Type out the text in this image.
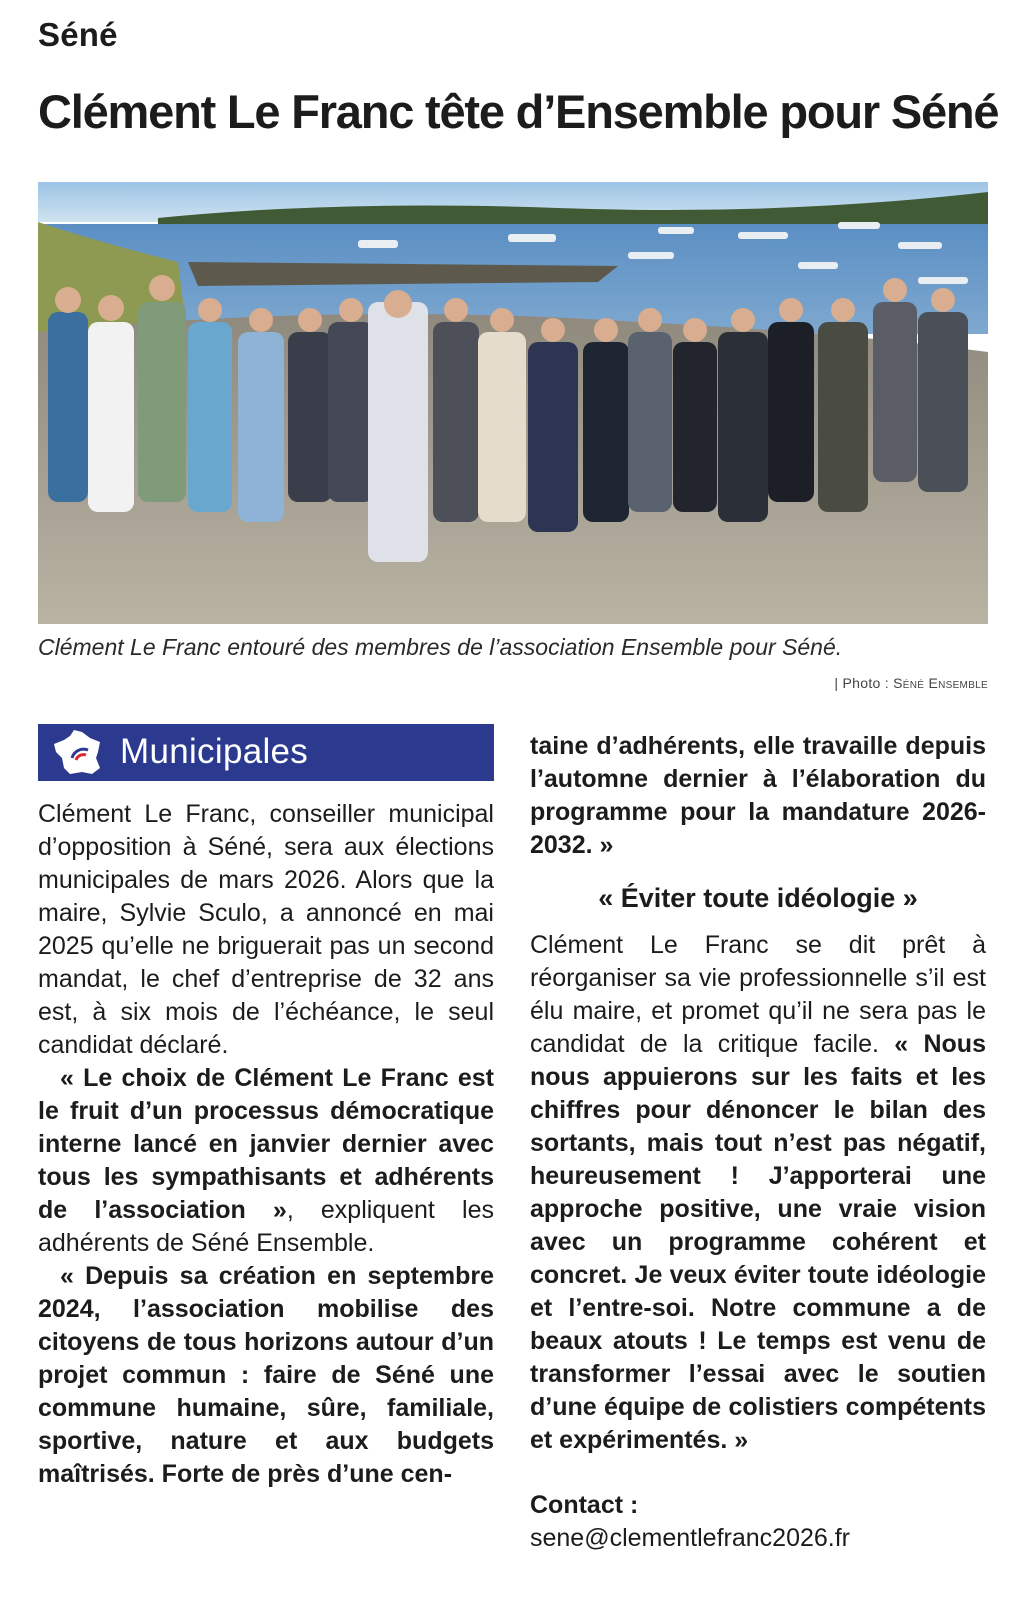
Séné
Clément Le Franc tête d’Ensemble pour Séné
Clément Le Franc entouré des membres de l’association Ensemble pour Séné.
| Photo : Séné Ensemble
Municipales

Clément Le Franc, conseiller municipal d’opposition à Séné, sera aux élections municipales de mars 2026. Alors que la maire, Sylvie Sculo, a annoncé en mai 2025 qu’elle ne briguerait pas un second mandat, le chef d’entreprise de 32 ans est, à six mois de l’échéance, le seul candidat déclaré.

« Le choix de Clément Le Franc est le fruit d’un processus démocratique interne lancé en janvier dernier avec tous les sympathisants et adhérents de l’association », expliquent les adhérents de Séné Ensemble.

« Depuis sa création en septembre 2024, l’association mobilise des citoyens de tous horizons autour d’un projet commun : faire de Séné une commune humaine, sûre, familiale, sportive, nature et aux budgets maîtrisés. Forte de près d’une cen-

taine d’adhérents, elle travaille depuis l’automne dernier à l’élaboration du programme pour la mandature 2026-2032. »

« Éviter toute idéologie »

Clément Le Franc se dit prêt à réorganiser sa vie professionnelle s’il est élu maire, et promet qu’il ne sera pas le candidat de la critique facile. « Nous nous appuierons sur les faits et les chiffres pour dénoncer le bilan des sortants, mais tout n’est pas négatif, heureusement ! J’apporterai une approche positive, une vraie vision avec un programme cohérent et concret. Je veux éviter toute idéologie et l’entre-soi. Notre commune a de beaux atouts ! Le temps est venu de transformer l’essai avec le soutien d’une équipe de colistiers compétents et expérimentés. »

Contact :

sene@clementlefranc2026.fr
